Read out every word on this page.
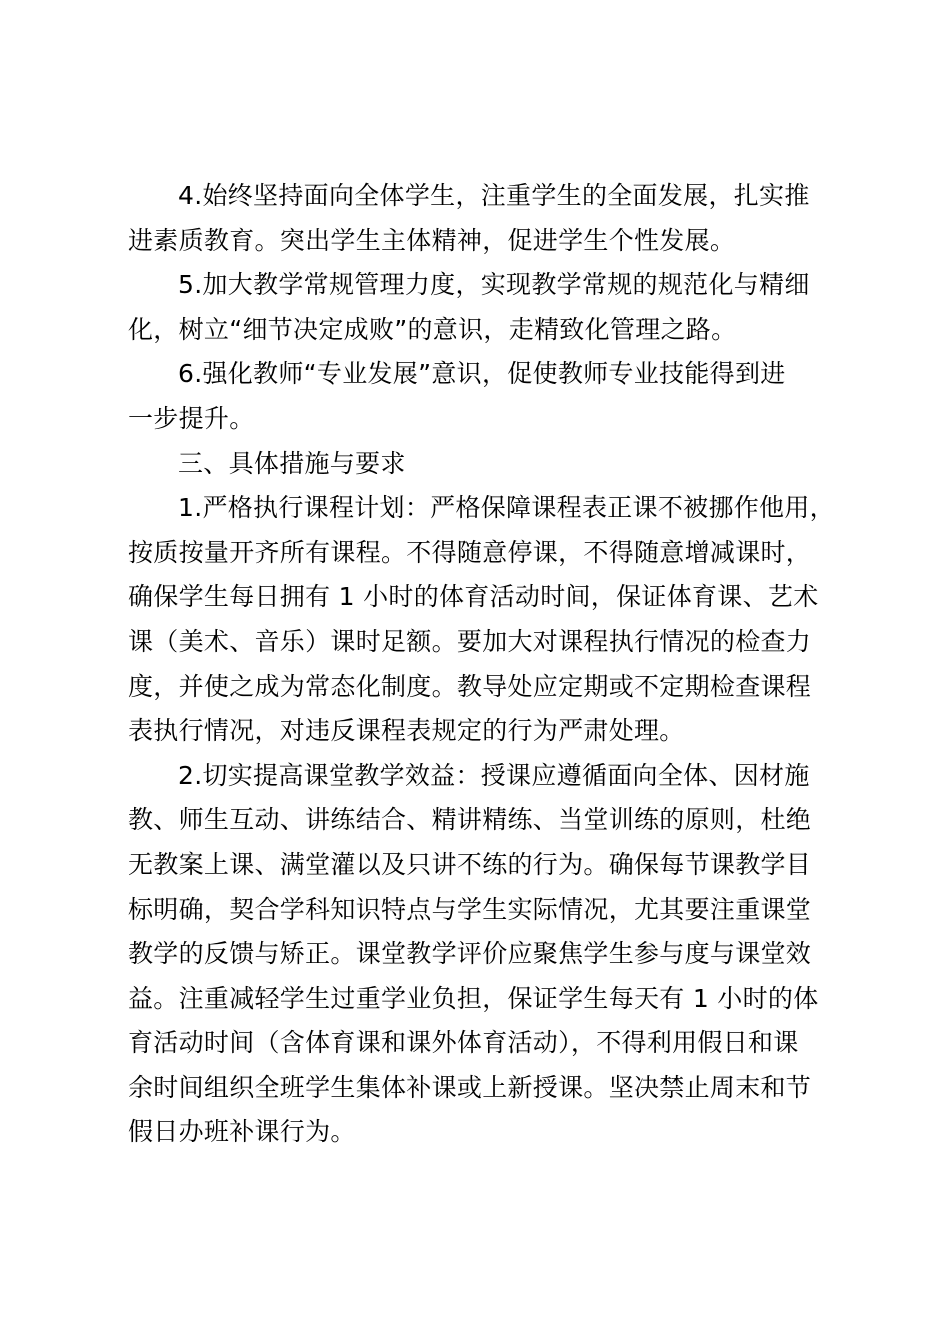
4.始终坚持面向全体学生，注重学生的全面发展，扎实推
进素质教育。突出学生主体精神，促进学生个性发展。
5.加大教学常规管理力度，实现教学常规的规范化与精细
化，树立“细节决定成败”的意识，走精致化管理之路。
6.强化教师“专业发展”意识，促使教师专业技能得到进
一步提升。
三、具体措施与要求
1.严格执行课程计划：严格保障课程表正课不被挪作他用，
按质按量开齐所有课程。不得随意停课，不得随意增减课时，
确保学生每日拥有 1 小时的体育活动时间，保证体育课、艺术
课（美术、音乐）课时足额。要加大对课程执行情况的检查力
度，并使之成为常态化制度。教导处应定期或不定期检查课程
表执行情况，对违反课程表规定的行为严肃处理。
2.切实提高课堂教学效益：授课应遵循面向全体、因材施
教、师生互动、讲练结合、精讲精练、当堂训练的原则，杜绝
无教案上课、满堂灌以及只讲不练的行为。确保每节课教学目
标明确，契合学科知识特点与学生实际情况，尤其要注重课堂
教学的反馈与矫正。课堂教学评价应聚焦学生参与度与课堂效
益。注重减轻学生过重学业负担，保证学生每天有 1 小时的体
育活动时间（含体育课和课外体育活动），不得利用假日和课
余时间组织全班学生集体补课或上新授课。坚决禁止周末和节
假日办班补课行为。
